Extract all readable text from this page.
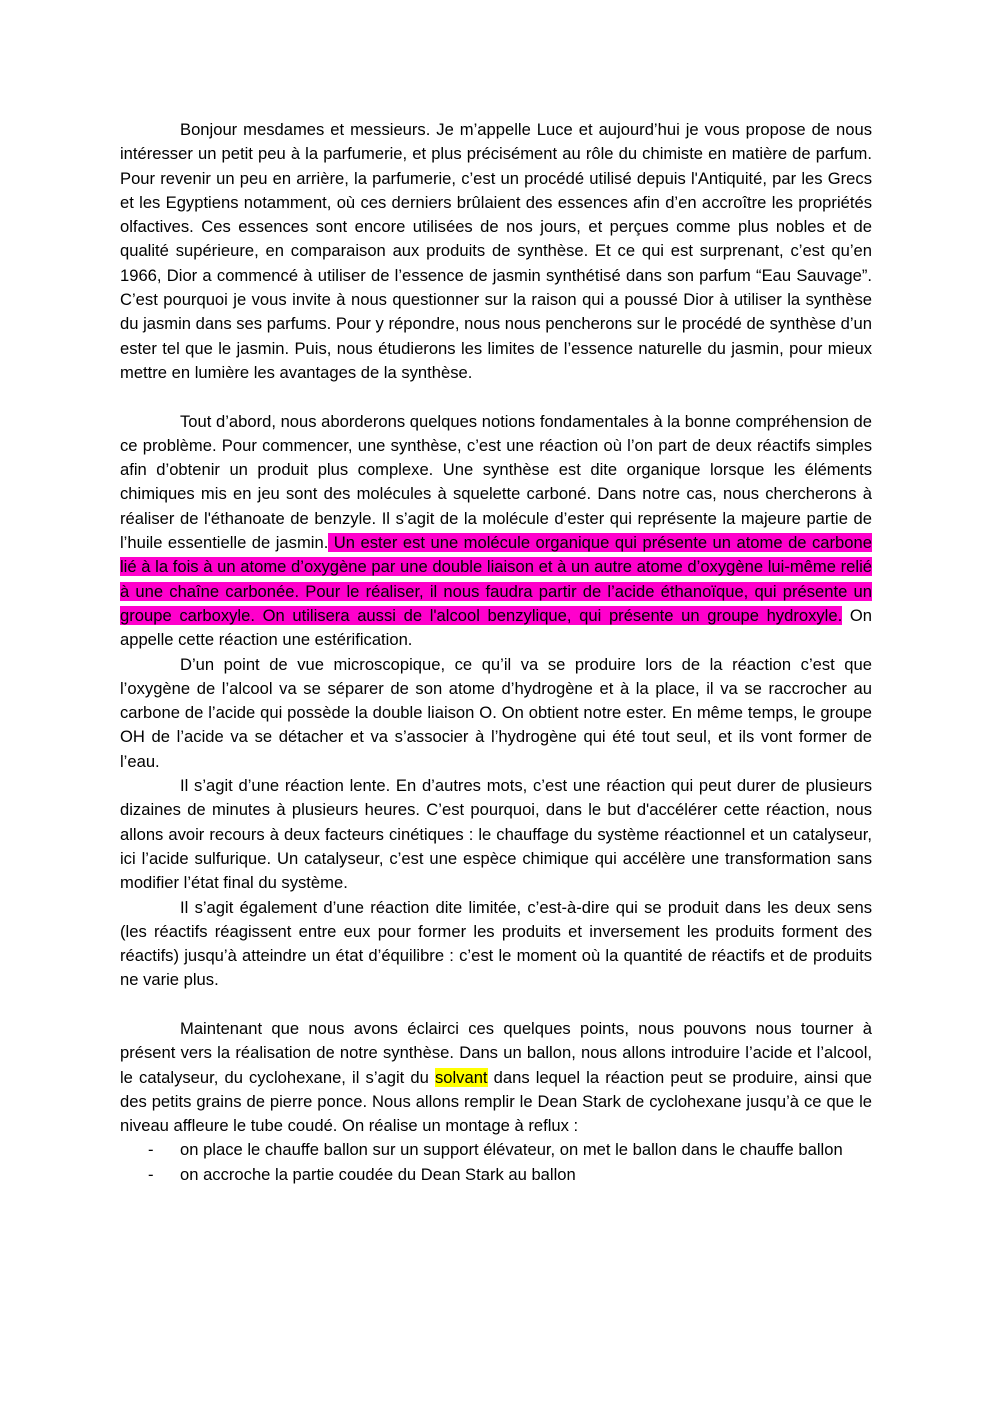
Bonjour mesdames et messieurs. Je m’appelle Luce et aujourd’hui je vous propose de nous intéresser un petit peu à la parfumerie, et plus précisément au rôle du chimiste en matière de parfum. Pour revenir un peu en arrière, la parfumerie, c’est un procédé utilisé depuis l'Antiquité, par les Grecs et les Egyptiens notamment, où ces derniers brûlaient des essences afin d’en accroître les propriétés olfactives. Ces essences sont encore utilisées de nos jours, et perçues comme plus nobles et de qualité supérieure, en comparaison aux produits de synthèse. Et ce qui est surprenant, c’est qu’en 1966, Dior a commencé à utiliser de l’essence de jasmin synthétisé dans son parfum “Eau Sauvage”. C’est pourquoi je vous invite à nous questionner sur la raison qui a poussé Dior à utiliser la synthèse du jasmin dans ses parfums. Pour y répondre, nous nous pencherons sur le procédé de synthèse d’un ester tel que le jasmin. Puis, nous étudierons les limites de l’essence naturelle du jasmin, pour mieux mettre en lumière les avantages de la synthèse.

Tout d’abord, nous aborderons quelques notions fondamentales à la bonne compréhension de ce problème. Pour commencer, une synthèse, c’est une réaction où l’on part de deux réactifs simples afin d’obtenir un produit plus complexe. Une synthèse est dite organique lorsque les éléments chimiques mis en jeu sont des molécules à squelette carboné. Dans notre cas, nous chercherons à réaliser de l'éthanoate de benzyle. Il s’agit de la molécule d’ester qui représente la majeure partie de l’huile essentielle de jasmin. Un ester est une molécule organique qui présente un atome de carbone lié à la fois à un atome d’oxygène par une double liaison et à un autre atome d’oxygène lui-même relié à une chaîne carbonée. Pour le réaliser, il nous faudra partir de l’acide éthanoïque, qui présente un groupe carboxyle. On utilisera aussi de l'alcool benzylique, qui présente un groupe hydroxyle. On appelle cette réaction une estérification.

D’un point de vue microscopique, ce qu’il va se produire lors de la réaction c’est que l’oxygène de l’alcool va se séparer de son atome d’hydrogène et à la place, il va se raccrocher au carbone de l’acide qui possède la double liaison O. On obtient notre ester. En même temps, le groupe OH de l’acide va se détacher et va s’associer à l’hydrogène qui été tout seul, et ils vont former de l’eau.

Il s’agit d’une réaction lente. En d’autres mots, c’est une réaction qui peut durer de plusieurs dizaines de minutes à plusieurs heures. C’est pourquoi, dans le but d'accélérer cette réaction, nous allons avoir recours à deux facteurs cinétiques : le chauffage du système réactionnel et un catalyseur, ici l’acide sulfurique. Un catalyseur, c’est une espèce chimique qui accélère une transformation sans modifier l’état final du système.

Il s’agit également d’une réaction dite limitée, c’est-à-dire qui se produit dans les deux sens (les réactifs réagissent entre eux pour former les produits et inversement les produits forment des réactifs) jusqu’à atteindre un état d’équilibre : c’est le moment où la quantité de réactifs et de produits ne varie plus.

Maintenant que nous avons éclairci ces quelques points, nous pouvons nous tourner à présent vers la réalisation de notre synthèse. Dans un ballon, nous allons introduire l’acide et l’alcool, le catalyseur, du cyclohexane, il s’agit du solvant dans lequel la réaction peut se produire, ainsi que des petits grains de pierre ponce. Nous allons remplir le Dean Stark de cyclohexane jusqu’à ce que le niveau affleure le tube coudé. On réalise un montage à reflux :

- on place le chauffe ballon sur un support élévateur, on met le ballon dans le chauffe ballon
- on accroche la partie coudée du Dean Stark au ballon
